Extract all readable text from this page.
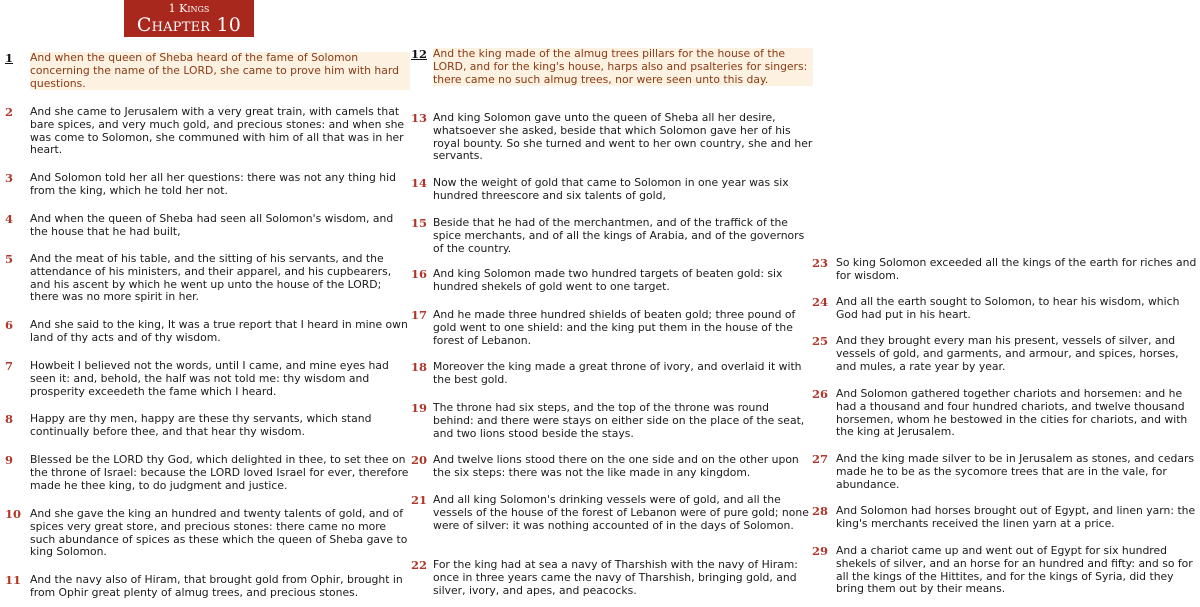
1 Kings
Chapter 10
1 And when the queen of Sheba heard of the fame of Solomon concerning the name of the LORD, she came to prove him with hard questions.
2 And she came to Jerusalem with a very great train, with camels that bare spices, and very much gold, and precious stones: and when she was come to Solomon, she communed with him of all that was in her heart.
3 And Solomon told her all her questions: there was not any thing hid from the king, which he told her not.
4 And when the queen of Sheba had seen all Solomon's wisdom, and the house that he had built,
5 And the meat of his table, and the sitting of his servants, and the attendance of his ministers, and their apparel, and his cupbearers, and his ascent by which he went up unto the house of the LORD; there was no more spirit in her.
6 And she said to the king, It was a true report that I heard in mine own land of thy acts and of thy wisdom.
7 Howbeit I believed not the words, until I came, and mine eyes had seen it: and, behold, the half was not told me: thy wisdom and prosperity exceedeth the fame which I heard.
8 Happy are thy men, happy are these thy servants, which stand continually before thee, and that hear thy wisdom.
9 Blessed be the LORD thy God, which delighted in thee, to set thee on the throne of Israel: because the LORD loved Israel for ever, therefore made he thee king, to do judgment and justice.
10 And she gave the king an hundred and twenty talents of gold, and of spices very great store, and precious stones: there came no more such abundance of spices as these which the queen of Sheba gave to king Solomon.
11 And the navy also of Hiram, that brought gold from Ophir, brought in from Ophir great plenty of almug trees, and precious stones.
12 And the king made of the almug trees pillars for the house of the LORD, and for the king's house, harps also and psalteries for singers: there came no such almug trees, nor were seen unto this day.
13 And king Solomon gave unto the queen of Sheba all her desire, whatsoever she asked, beside that which Solomon gave her of his royal bounty. So she turned and went to her own country, she and her servants.
14 Now the weight of gold that came to Solomon in one year was six hundred threescore and six talents of gold,
15 Beside that he had of the merchantmen, and of the traffick of the spice merchants, and of all the kings of Arabia, and of the governors of the country.
16 And king Solomon made two hundred targets of beaten gold: six hundred shekels of gold went to one target.
17 And he made three hundred shields of beaten gold; three pound of gold went to one shield: and the king put them in the house of the forest of Lebanon.
18 Moreover the king made a great throne of ivory, and overlaid it with the best gold.
19 The throne had six steps, and the top of the throne was round behind: and there were stays on either side on the place of the seat, and two lions stood beside the stays.
20 And twelve lions stood there on the one side and on the other upon the six steps: there was not the like made in any kingdom.
21 And all king Solomon's drinking vessels were of gold, and all the vessels of the house of the forest of Lebanon were of pure gold; none were of silver: it was nothing accounted of in the days of Solomon.
22 For the king had at sea a navy of Tharshish with the navy of Hiram: once in three years came the navy of Tharshish, bringing gold, and silver, ivory, and apes, and peacocks.
23 So king Solomon exceeded all the kings of the earth for riches and for wisdom.
24 And all the earth sought to Solomon, to hear his wisdom, which God had put in his heart.
25 And they brought every man his present, vessels of silver, and vessels of gold, and garments, and armour, and spices, horses, and mules, a rate year by year.
26 And Solomon gathered together chariots and horsemen: and he had a thousand and four hundred chariots, and twelve thousand horsemen, whom he bestowed in the cities for chariots, and with the king at Jerusalem.
27 And the king made silver to be in Jerusalem as stones, and cedars made he to be as the sycomore trees that are in the vale, for abundance.
28 And Solomon had horses brought out of Egypt, and linen yarn: the king's merchants received the linen yarn at a price.
29 And a chariot came up and went out of Egypt for six hundred shekels of silver, and an horse for an hundred and fifty: and so for all the kings of the Hittites, and for the kings of Syria, did they bring them out by their means.
